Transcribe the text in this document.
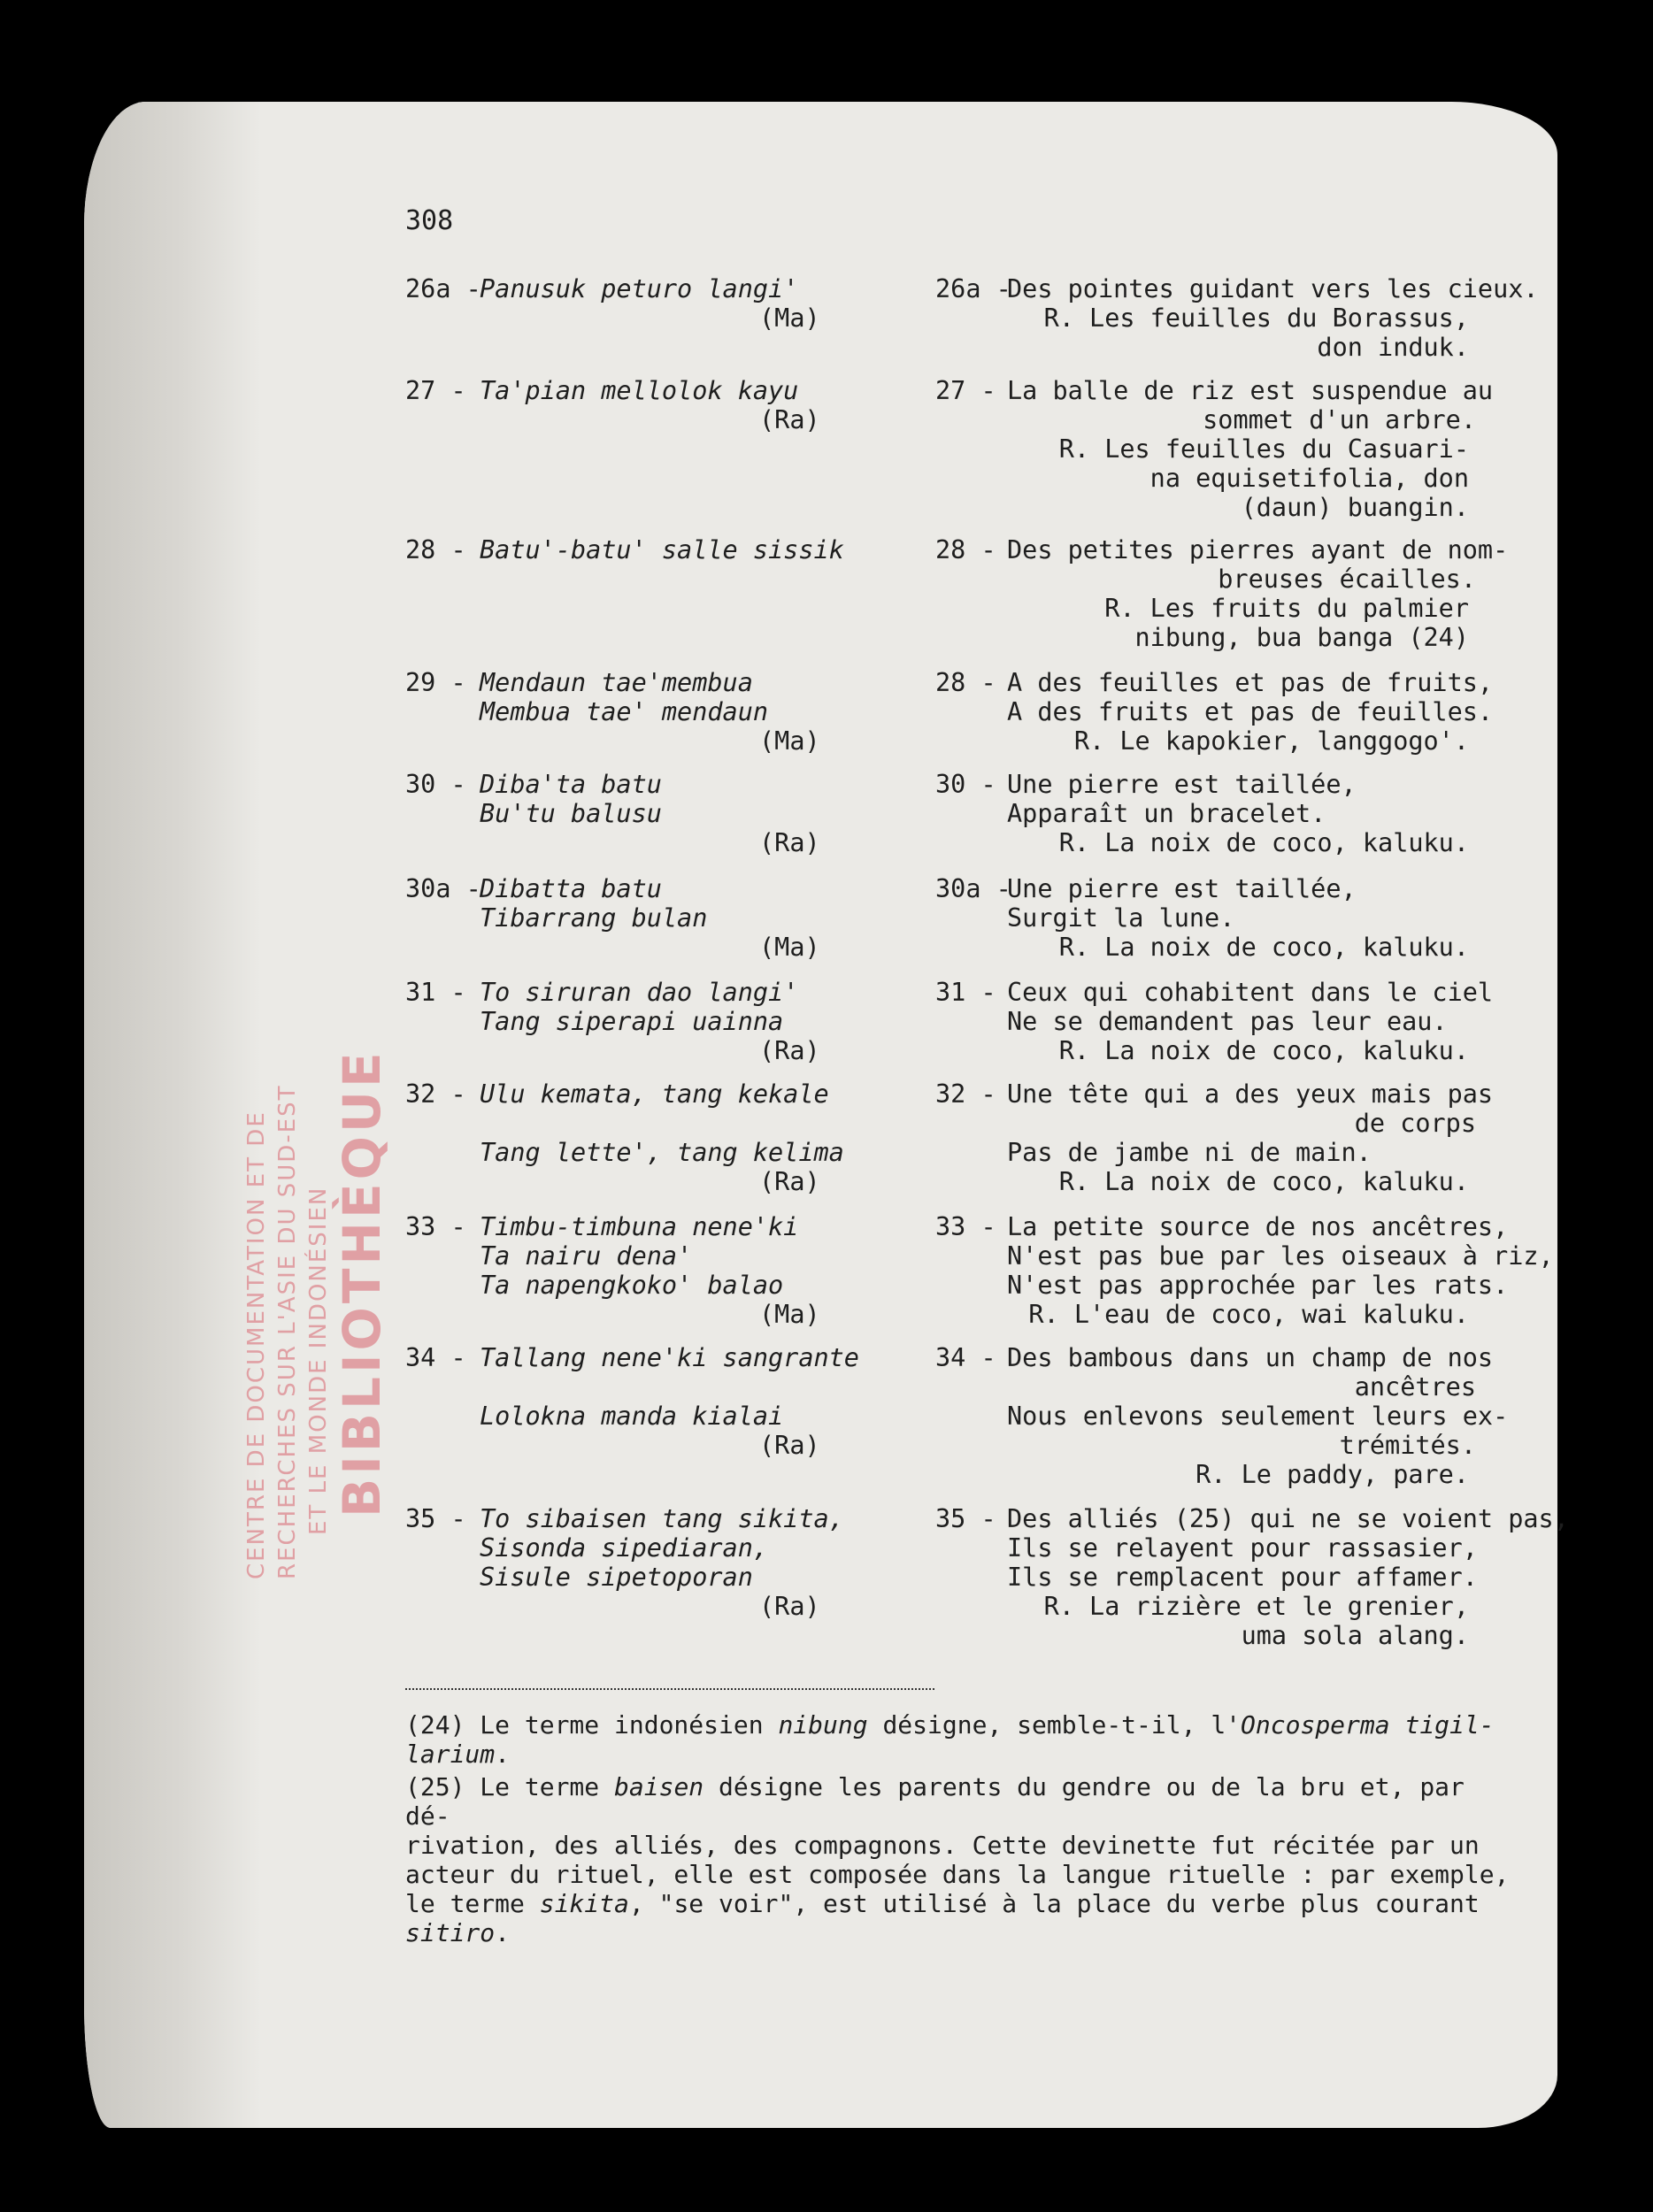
BIBLIOTHÈQUE
CENTRE DE DOCUMENTATION ET DE RECHERCHES SUR L'ASIE DU SUD-EST ET LE MONDE INDONÉSIEN
308
26a -
Panusuk peturo langi'
(Ma)
26a -
Des pointes guidant vers les cieux.
R. Les feuilles du Borassus,
don induk.
27 - Ta'pian mellolok kayu
(Ra)
27 - La balle de riz est suspendue au
sommet d'un arbre.
R. Les feuilles du Casuari-
na equisetifolia, don
(daun) buangin.
28 - Batu'-batu' salle sissik	28 - Des petites pierres ayant de nom-
breuses écailles.
R. Les fruits du palmier
nibung, bua banga (24)
29 - Mendaun tae'membua
Membua tae' mendaun
(Ma)
28 - A des feuilles et pas de fruits,
A des fruits et pas de feuilles.
R. Le kapokier, langgogo'.
30 - Diba'ta batu
Bu'tu balusu
(Ra)
30 - Une pierre est taillée,
Apparaît un bracelet.
R. La noix de coco, kaluku.
30a -
Dibatta batu
Tibarrang bulan
(Ma)
30a -
Une pierre est taillée,
Surgit la lune.
R. La noix de coco, kaluku.
31 - To siruran dao langi'
Tang siperapi uainna
(Ra)
31 - Ceux qui cohabitent dans le ciel
Ne se demandent pas leur eau.
R. La noix de coco, kaluku.
32 - Ulu kemata, tang kekale
Tang lette', tang kelima
(Ra)
32 - Une tête qui a des yeux mais pas
de corps
Pas de jambe ni de main.
R. La noix de coco, kaluku.
33 - Timbu-timbuna nene'ki
Ta nairu dena'
Ta napengkoko' balao
(Ma)
33 - La petite source de nos ancêtres,
N'est pas bue par les oiseaux à riz,
N'est pas approchée par les rats.
R. L'eau de coco, wai kaluku.
34 - Tallang nene'ki sangrante
Lolokna manda kialai
(Ra)
34 - Des bambous dans un champ de nos
ancêtres
Nous enlevons seulement leurs ex-
trémités.
R. Le paddy, pare.
35 - To sibaisen tang sikita,
Sisonda sipediaran,
Sisule sipetoporan
(Ra)
35 - Des alliés (25) qui ne se voient pas,
Ils se relayent pour rassasier,
Ils se remplacent pour affamer.
R. La rizière et le grenier,
uma sola alang.

(24) Le terme indonésien nibung désigne, semble-t-il, l'Oncosperma tigil-
larium.

(25) Le terme baisen désigne les parents du gendre ou de la bru et, par dé-
rivation, des alliés, des compagnons. Cette devinette fut récitée par un
acteur du rituel, elle est composée dans la langue rituelle : par exemple,
le terme sikita, "se voir", est utilisé à la place du verbe plus courant
sitiro.
